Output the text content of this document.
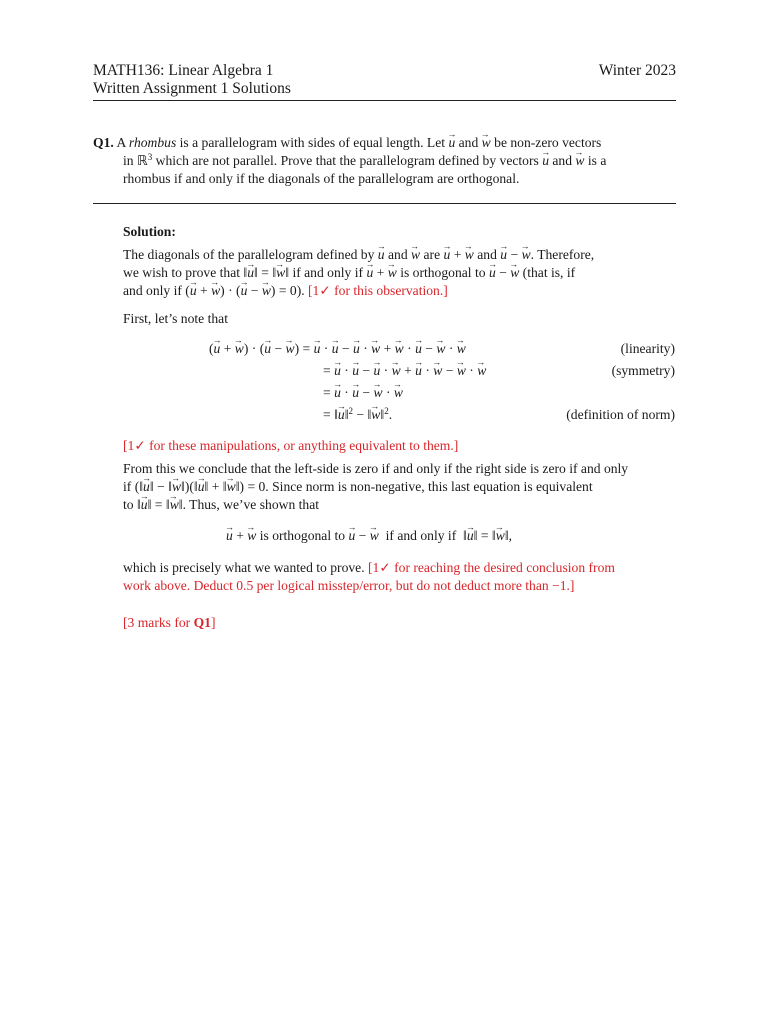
MATH136: Linear Algebra 1
Written Assignment 1 Solutions
Winter 2023
Q1. A rhombus is a parallelogram with sides of equal length. Let → u and → w be non-zero vectors
in ℝ$^3$ which are not parallel. Prove that the parallelogram defined by vectors → u and → w is a
rhombus if and only if the diagonals of the parallelogram are orthogonal.
Solution:
The diagonals of the parallelogram defined by → u and → w are → u + → w and → u − → w. Therefore,
we wish to prove that ‖→ u‖ = ‖→ w‖ if and only if → u + → w is orthogonal to → u − → w (that is, if
and only if (→ u + → w) · (→ u − → w) = 0). [1✓ for this observation.]
First, let’s note that
(→ u + → w) · (→ u − → w) = → u · → u − → u · → w + → w · → u − → w · → w	(linearity)
= → u · → u − → u · → w + → u · → w − → w · → w	(symmetry)
= → u · → u − → w · → w
= ‖→ u‖$^2$ − ‖→ w‖$^2$.	(definition of norm)
[1✓ for these manipulations, or anything equivalent to them.]
From this we conclude that the left-side is zero if and only if the right side is zero if and only
if (‖→ u‖ − ‖→ w‖)(‖→ u‖ + ‖→ w‖) = 0. Since norm is non-negative, this last equation is equivalent
to ‖→ u‖ = ‖→ w‖. Thus, we’ve shown that
→ u + → w is orthogonal to → u − → w  if and only if  ‖→ u‖ = ‖→ w‖,
which is precisely what we wanted to prove. [1✓ for reaching the desired conclusion from
work above. Deduct 0.5 per logical misstep/error, but do not deduct more than −1.]
[3 marks for Q1]
